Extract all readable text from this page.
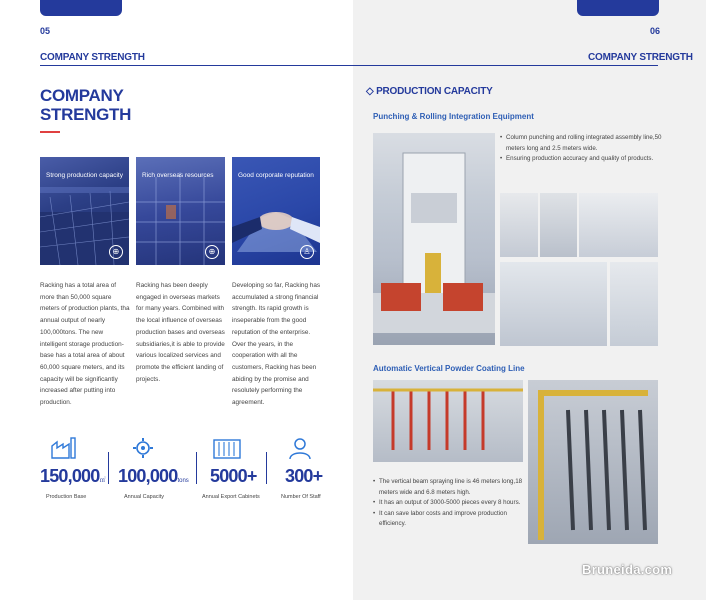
05
COMPANY STRENGTH
COMPANY
STRENGTH
Strong production capacity
⊕
Rich overseas resources
⊕
Good corporate reputation
♙
Racking has a total area of more than 50,000 square meters of production plants, tha annual output of nearly 100,000tons. The new intelligent storage production-base has a total area of about 60,000 square meters, and its capacity will be significantly increased after putting into production.
Racking has been deeply engaged in overseas markets for many years. Combined with the local influence of overseas production bases and overseas subsidiaries,it is able to provide various localized services and promote the efficient landing of projects.
Developing so far, Racking has accumulated a strong financial strength. Its rapid growth is inseperable from the good reputation of the enterprise. Over the years, in the cooperation with all the customers, Racking has been abiding by the promise and resolutely performing the agreement.
150,000㎡
Production Base
100,000tons
Annual Capacity
5000+
Annual Export Cabinets
300+
Number Of Staff
06
COMPANY STRENGTH
◇ PRODUCTION CAPACITY
Punching & Rolling Integration Equipment
• Column punching and rolling integrated assembly line,50 meters long and 2.5 meters wide.
• Ensuring production accuracy and quality of products.
Automatic Vertical Powder Coating Line
• The vertical beam spraying line is 46 meters long,18 meters wide and 6.8 meters high.
• It has an output of 3000-5000 pieces every 8 hours.
• It can save labor costs and improve production efficiency.
Bruneida.com
